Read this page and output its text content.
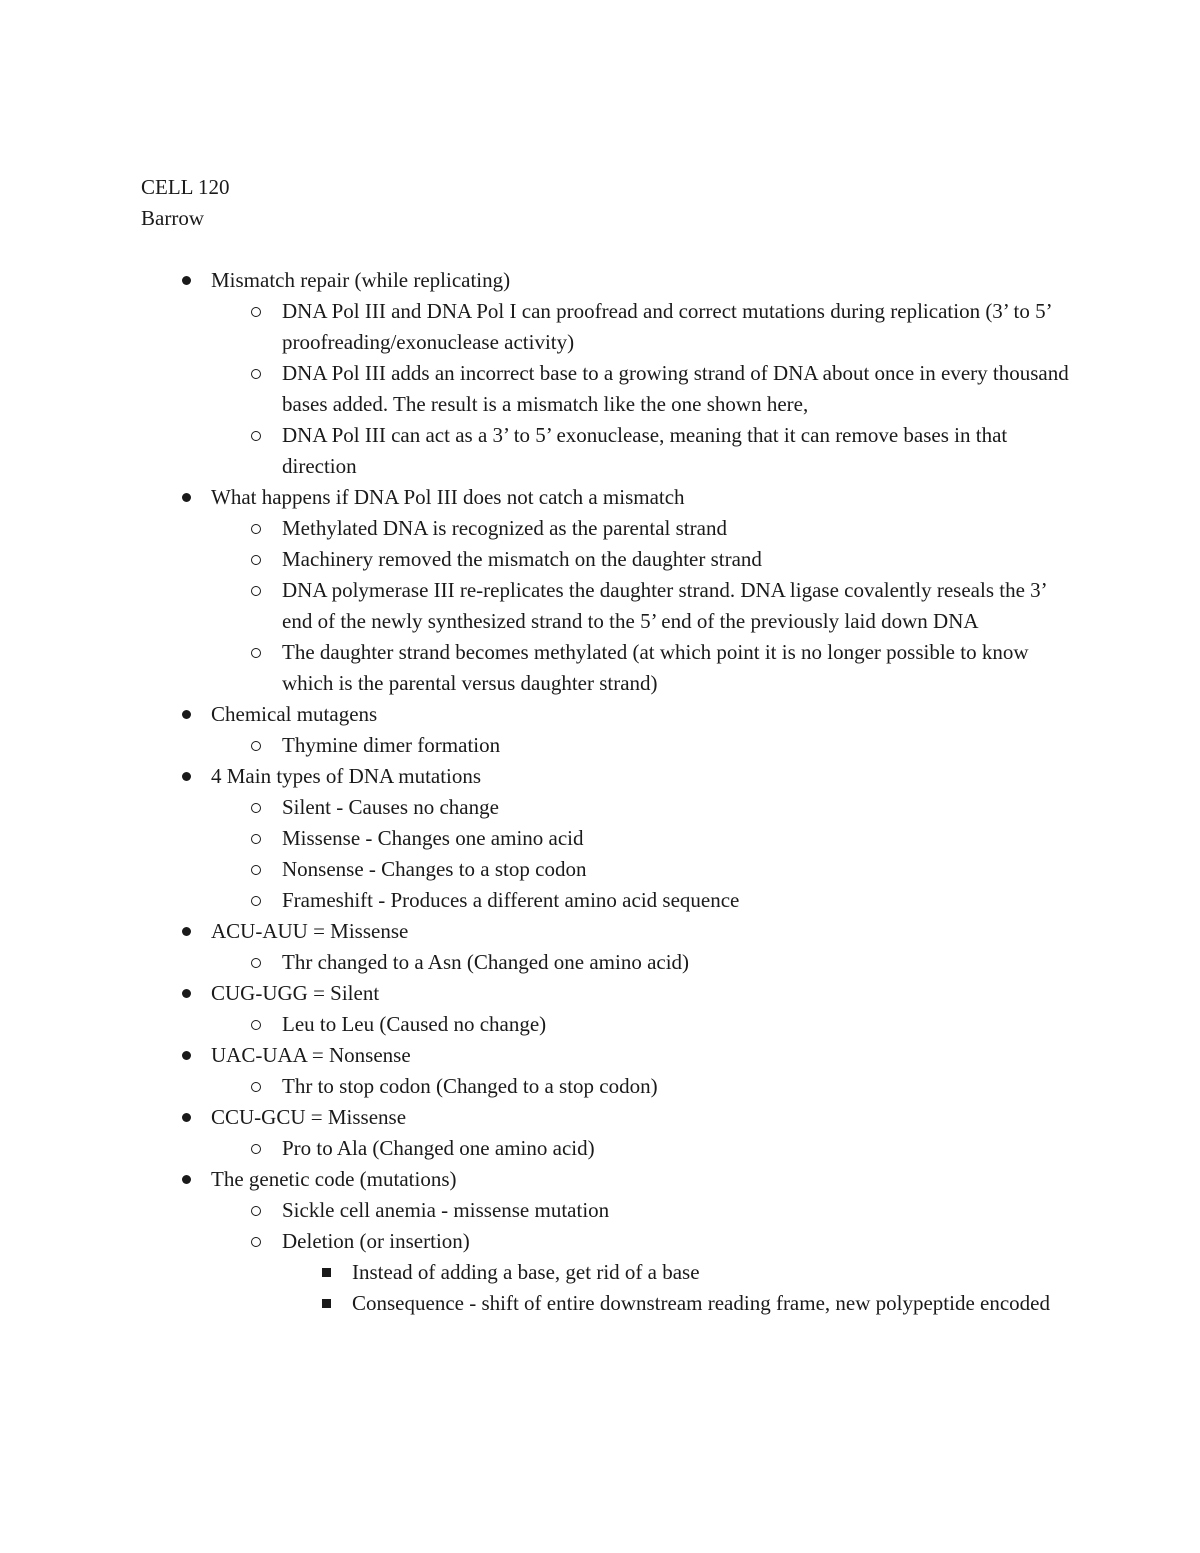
CELL 120
Barrow
Mismatch repair (while replicating)
DNA Pol III and DNA Pol I can proofread and correct mutations during replication (3’ to 5’ proofreading/exonuclease activity)
DNA Pol III adds an incorrect base to a growing strand of DNA about once in every thousand bases added. The result is a mismatch like the one shown here,
DNA Pol III can act as a 3’ to 5’ exonuclease, meaning that it can remove bases in that direction
What happens if DNA Pol III does not catch a mismatch
Methylated DNA is recognized as the parental strand
Machinery removed the mismatch on the daughter strand
DNA polymerase III re-replicates the daughter strand. DNA ligase covalently reseals the 3’ end of the newly synthesized strand to the 5’ end of the previously laid down DNA
The daughter strand becomes methylated (at which point it is no longer possible to know which is the parental versus daughter strand)
Chemical mutagens
Thymine dimer formation
4 Main types of DNA mutations
Silent - Causes no change
Missense - Changes one amino acid
Nonsense - Changes to a stop codon
Frameshift - Produces a different amino acid sequence
ACU-AUU = Missense
Thr changed to a Asn (Changed one amino acid)
CUG-UGG = Silent
Leu to Leu (Caused no change)
UAC-UAA = Nonsense
Thr to stop codon (Changed to a stop codon)
CCU-GCU = Missense
Pro to Ala (Changed one amino acid)
The genetic code (mutations)
Sickle cell anemia - missense mutation
Deletion (or insertion)
Instead of adding a base, get rid of a base
Consequence - shift of entire downstream reading frame, new polypeptide encoded
